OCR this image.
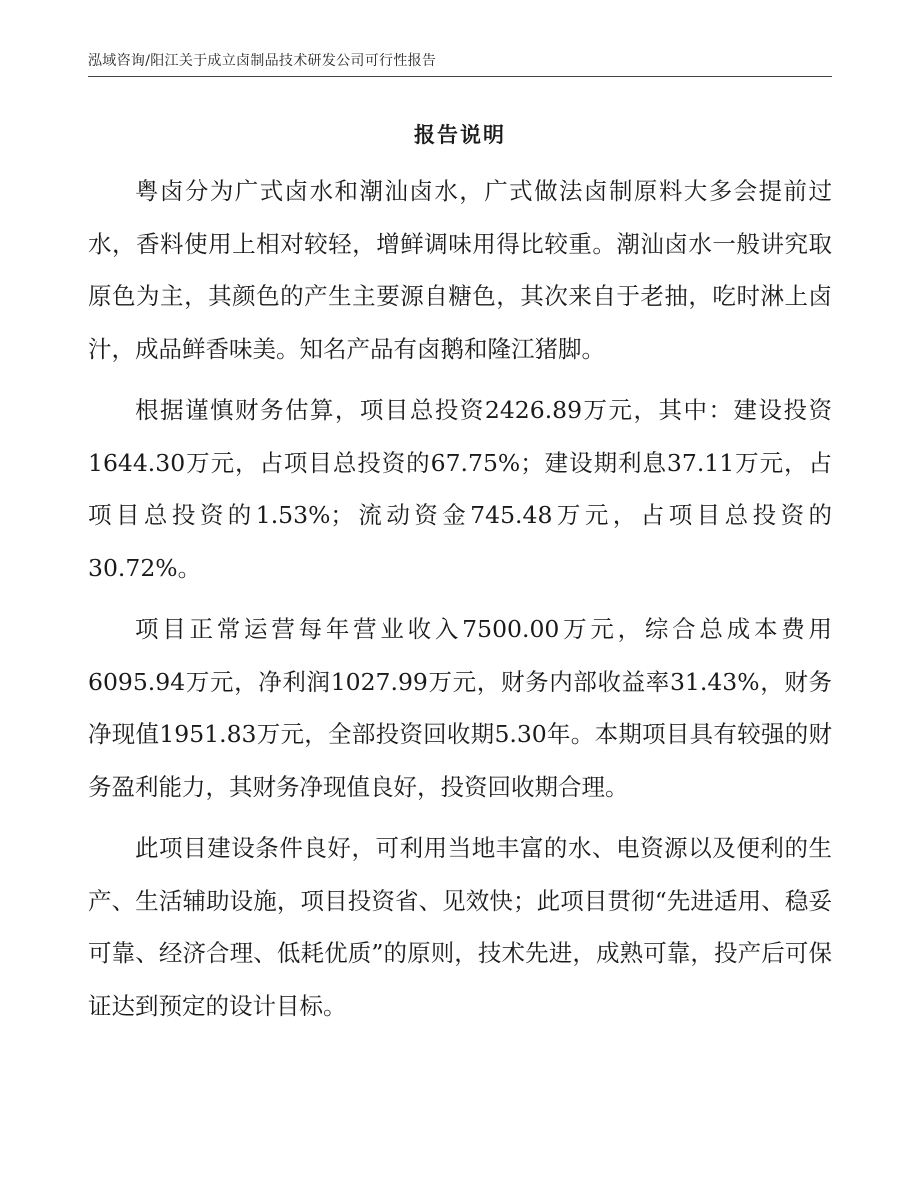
泓域咨询/阳江关于成立卤制品技术研发公司可行性报告
报告说明

粤卤分为广式卤水和潮汕卤水，广式做法卤制原料大多会提前过水，香料使用上相对较轻，增鲜调味用得比较重。潮汕卤水一般讲究取原色为主，其颜色的产生主要源自糖色，其次来自于老抽，吃时淋上卤汁，成品鲜香味美。知名产品有卤鹅和隆江猪脚。

根据谨慎财务估算，项目总投资2426.89万元，其中：建设投资1644.30万元，占项目总投资的67.75%；建设期利息37.11万元，占项目总投资的1.53%；流动资金745.48万元，占项目总投资的30.72%。

项目正常运营每年营业收入7500.00万元，综合总成本费用6095.94万元，净利润1027.99万元，财务内部收益率31.43%，财务净现值1951.83万元，全部投资回收期5.30年。本期项目具有较强的财务盈利能力，其财务净现值良好，投资回收期合理。

此项目建设条件良好，可利用当地丰富的水、电资源以及便利的生产、生活辅助设施，项目投资省、见效快；此项目贯彻“先进适用、稳妥可靠、经济合理、低耗优质”的原则，技术先进，成熟可靠，投产后可保证达到预定的设计目标。
